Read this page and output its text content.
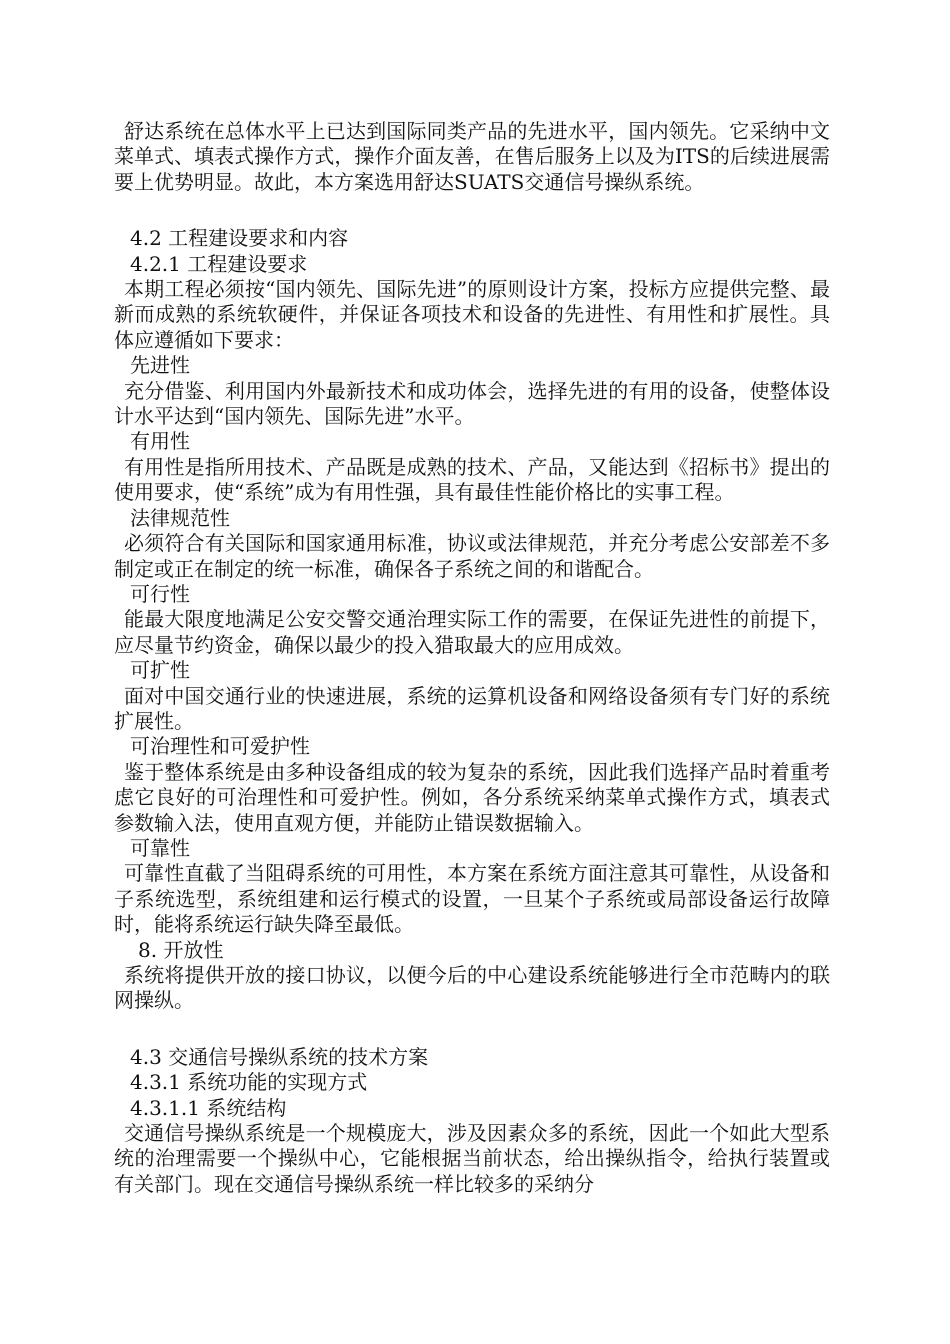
舒达系统在总体水平上已达到国际同类产品的先进水平，国内领先。它采纳中文菜单式、填表式操作方式，操作介面友善，在售后服务上以及为ITS的后续进展需要上优势明显。故此，本方案选用舒达SUATS交通信号操纵系统。

4.2 工程建设要求和内容

4.2.1 工程建设要求

本期工程必须按“国内领先、国际先进”的原则设计方案，投标方应提供完整、最新而成熟的系统软硬件，并保证各项技术和设备的先进性、有用性和扩展性。具体应遵循如下要求：

先进性

充分借鉴、利用国内外最新技术和成功体会，选择先进的有用的设备，使整体设计水平达到“国内领先、国际先进”水平。

有用性

有用性是指所用技术、产品既是成熟的技术、产品，又能达到《招标书》提出的使用要求，使“系统”成为有用性强，具有最佳性能价格比的实事工程。

法律规范性

必须符合有关国际和国家通用标准，协议或法律规范，并充分考虑公安部差不多制定或正在制定的统一标准，确保各子系统之间的和谐配合。

可行性

能最大限度地满足公安交警交通治理实际工作的需要，在保证先进性的前提下，应尽量节约资金，确保以最少的投入猎取最大的应用成效。

可扩性

面对中国交通行业的快速进展，系统的运算机设备和网络设备须有专门好的系统扩展性。

可治理性和可爱护性

鉴于整体系统是由多种设备组成的较为复杂的系统，因此我们选择产品时着重考虑它良好的可治理性和可爱护性。例如，各分系统采纳菜单式操作方式，填表式参数输入法，使用直观方便，并能防止错误数据输入。

可靠性

可靠性直截了当阻碍系统的可用性，本方案在系统方面注意其可靠性，从设备和子系统选型，系统组建和运行模式的设置，一旦某个子系统或局部设备运行故障时，能将系统运行缺失降至最低。

8. 开放性

系统将提供开放的接口协议，以便今后的中心建设系统能够进行全市范畴内的联网操纵。

4.3 交通信号操纵系统的技术方案

4.3.1 系统功能的实现方式

4.3.1.1 系统结构

交通信号操纵系统是一个规模庞大，涉及因素众多的系统，因此一个如此大型系统的治理需要一个操纵中心，它能根据当前状态，给出操纵指令，给执行装置或有关部门。现在交通信号操纵系统一样比较多的采纳分
